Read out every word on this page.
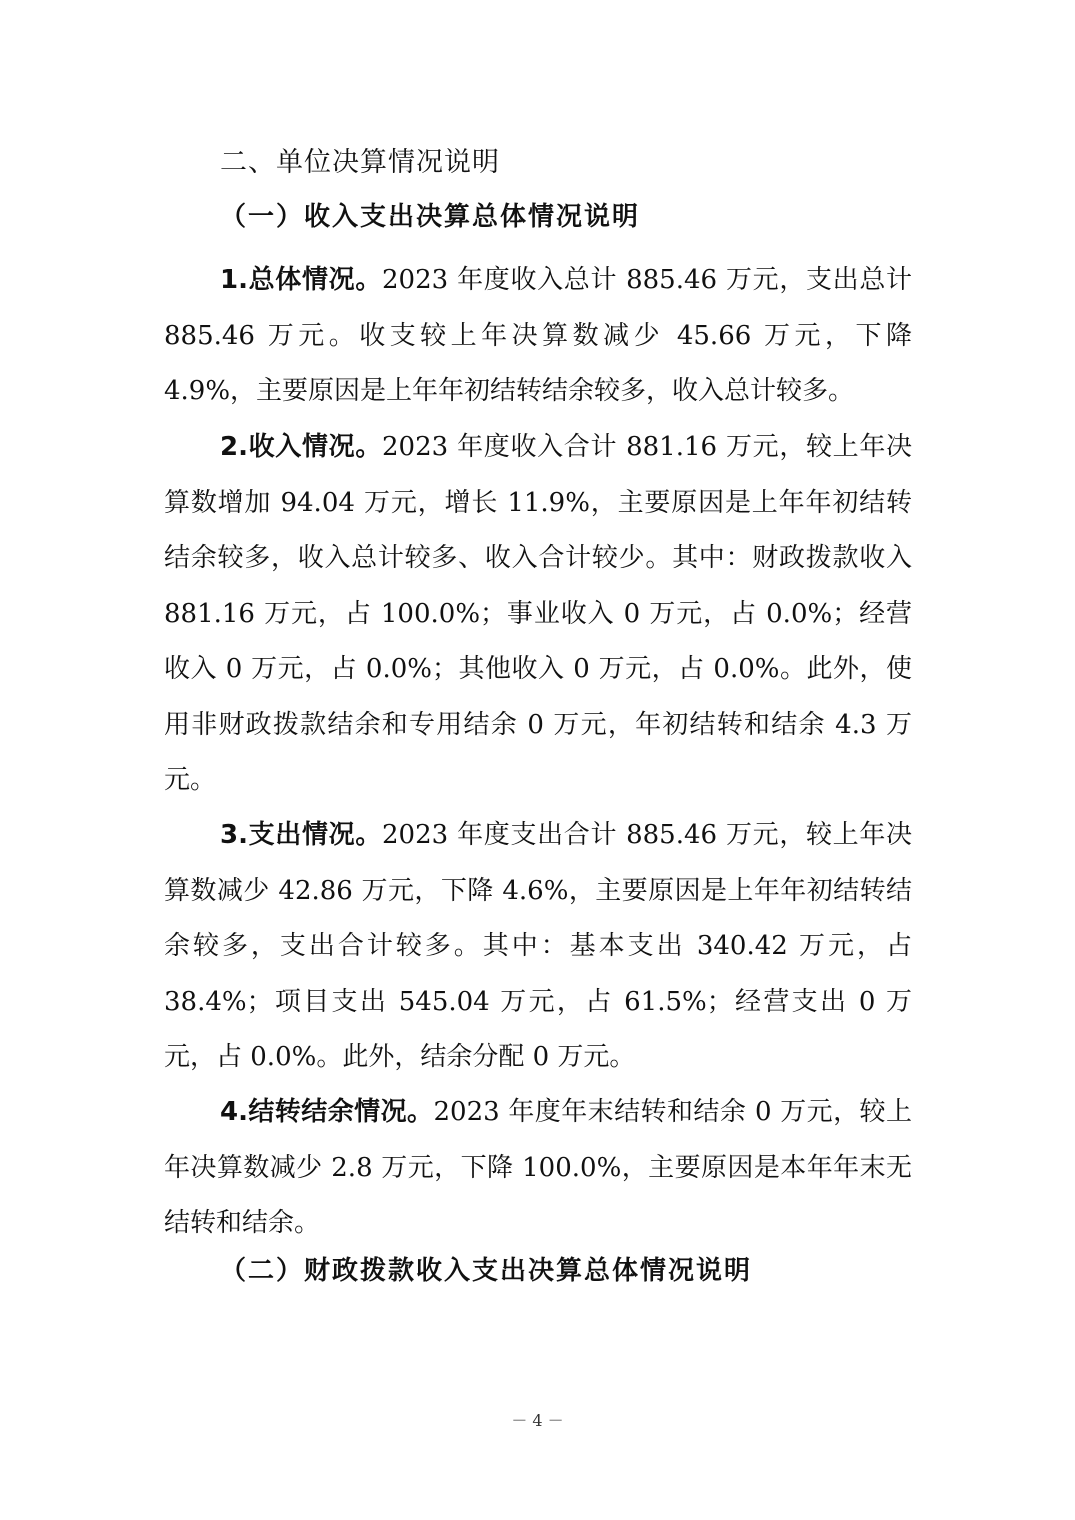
二、单位决算情况说明
（一）收入支出决算总体情况说明

1.总体情况。2023 年度收入总计 885.46 万元，支出总计 885.46 万元。收支较上年决算数减少 45.66 万元，下降 4.9%，主要原因是上年年初结转结余较多，收入总计较多。

2.收入情况。2023 年度收入合计 881.16 万元，较上年决算数增加 94.04 万元，增长 11.9%，主要原因是上年年初结转结余较多，收入总计较多、收入合计较少。其中：财政拨款收入 881.16 万元，占 100.0%；事业收入 0 万元，占 0.0%；经营收入 0 万元，占 0.0%；其他收入 0 万元，占 0.0%。此外，使用非财政拨款结余和专用结余 0 万元，年初结转和结余 4.3 万元。

3.支出情况。2023 年度支出合计 885.46 万元，较上年决算数减少 42.86 万元，下降 4.6%，主要原因是上年年初结转结余较多，支出合计较多。其中：基本支出 340.42 万元，占 38.4%；项目支出 545.04 万元，占 61.5%；经营支出 0 万元，占 0.0%。此外，结余分配 0 万元。

4.结转结余情况。2023 年度年末结转和结余 0 万元，较上年决算数减少 2.8 万元，下降 100.0%，主要原因是本年年末无结转和结余。

（二）财政拨款收入支出决算总体情况说明
－ 4 －
